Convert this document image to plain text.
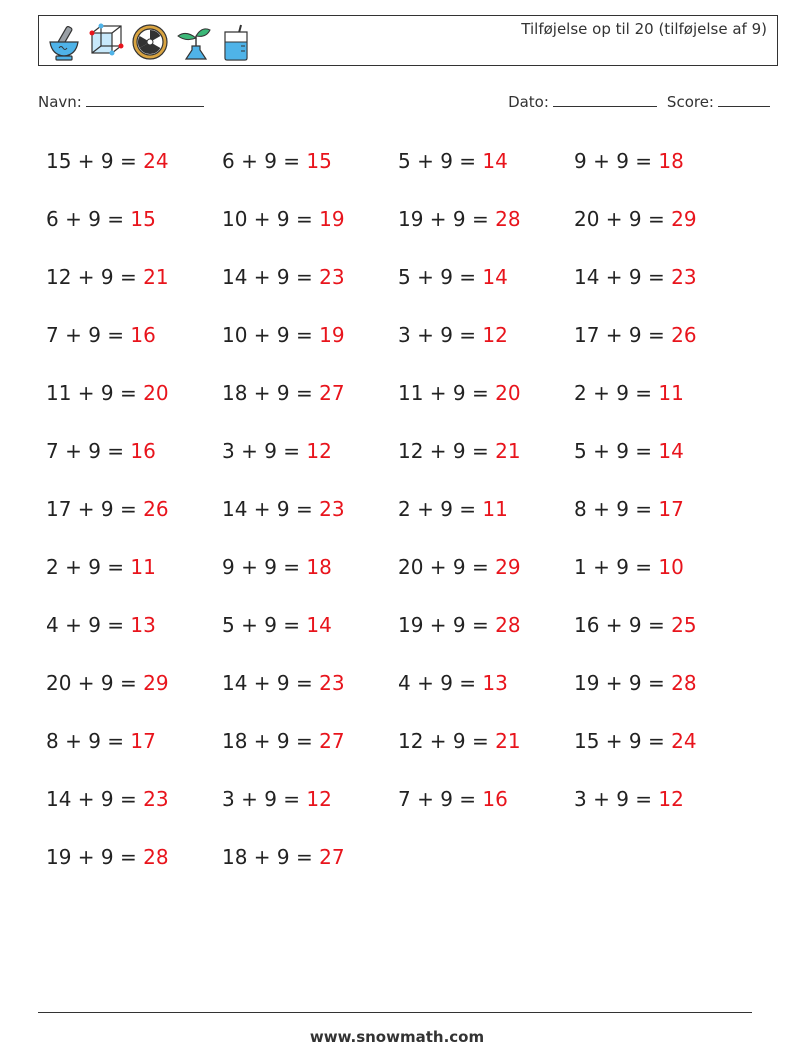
Tilføjelse op til 20 (tilføjelse af 9)
Navn:	Dato:	Score:
15 + 9 = 24	6 + 9 = 15	5 + 9 = 14	9 + 9 = 18
6 + 9 = 15	10 + 9 = 19	19 + 9 = 28	20 + 9 = 29
12 + 9 = 21	14 + 9 = 23	5 + 9 = 14	14 + 9 = 23
7 + 9 = 16	10 + 9 = 19	3 + 9 = 12	17 + 9 = 26
11 + 9 = 20	18 + 9 = 27	11 + 9 = 20	2 + 9 = 11
7 + 9 = 16	3 + 9 = 12	12 + 9 = 21	5 + 9 = 14
17 + 9 = 26	14 + 9 = 23	2 + 9 = 11	8 + 9 = 17
2 + 9 = 11	9 + 9 = 18	20 + 9 = 29	1 + 9 = 10
4 + 9 = 13	5 + 9 = 14	19 + 9 = 28	16 + 9 = 25
20 + 9 = 29	14 + 9 = 23	4 + 9 = 13	19 + 9 = 28
8 + 9 = 17	18 + 9 = 27	12 + 9 = 21	15 + 9 = 24
14 + 9 = 23	3 + 9 = 12	7 + 9 = 16	3 + 9 = 12
19 + 9 = 28	18 + 9 = 27
www.snowmath.com
